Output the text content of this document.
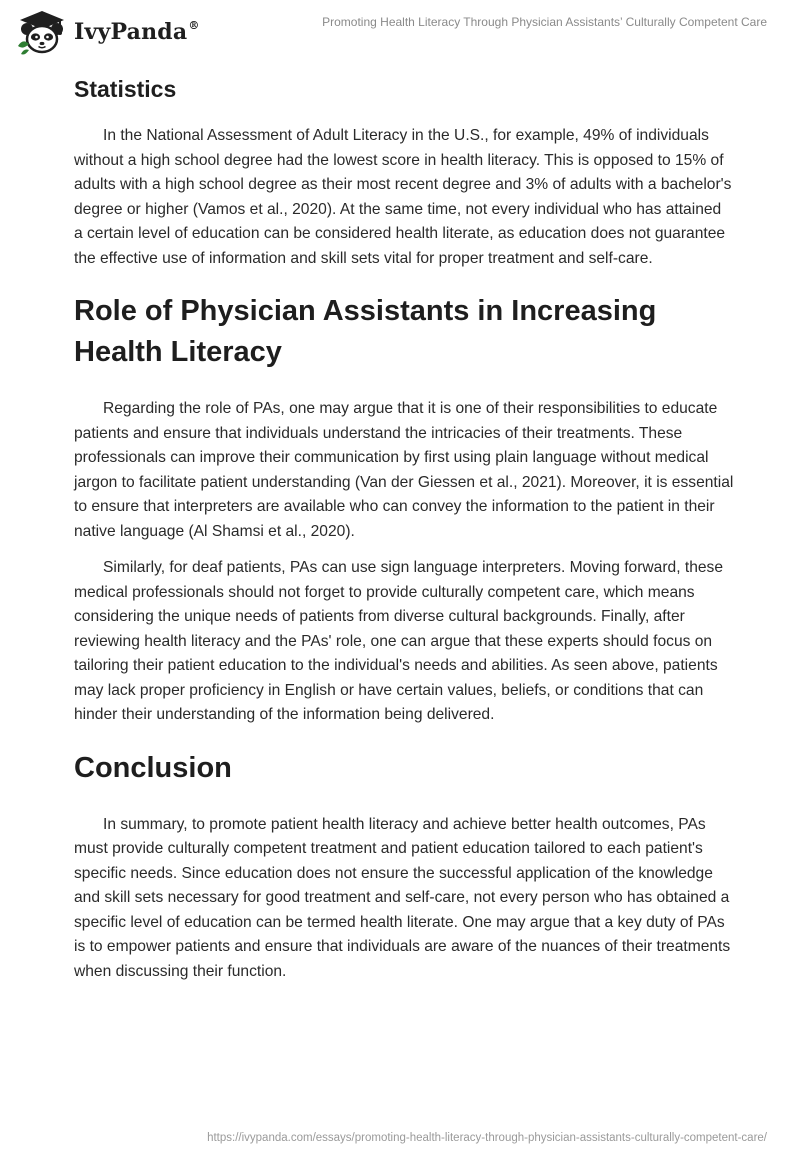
IvyPanda®	Promoting Health Literacy Through Physician Assistants’ Culturally Competent Care
Statistics

In the National Assessment of Adult Literacy in the U.S., for example, 49% of individuals without a high school degree had the lowest score in health literacy. This is opposed to 15% of adults with a high school degree as their most recent degree and 3% of adults with a bachelor's degree or higher (Vamos et al., 2020). At the same time, not every individual who has attained a certain level of education can be considered health literate, as education does not guarantee the effective use of information and skill sets vital for proper treatment and self-care.

Role of Physician Assistants in Increasing Health Literacy

Regarding the role of PAs, one may argue that it is one of their responsibilities to educate patients and ensure that individuals understand the intricacies of their treatments. These professionals can improve their communication by first using plain language without medical jargon to facilitate patient understanding (Van der Giessen et al., 2021). Moreover, it is essential to ensure that interpreters are available who can convey the information to the patient in their native language (Al Shamsi et al., 2020).

Similarly, for deaf patients, PAs can use sign language interpreters. Moving forward, these medical professionals should not forget to provide culturally competent care, which means considering the unique needs of patients from diverse cultural backgrounds. Finally, after reviewing health literacy and the PAs' role, one can argue that these experts should focus on tailoring their patient education to the individual's needs and abilities. As seen above, patients may lack proper proficiency in English or have certain values, beliefs, or conditions that can hinder their understanding of the information being delivered.

Conclusion

In summary, to promote patient health literacy and achieve better health outcomes, PAs must provide culturally competent treatment and patient education tailored to each patient's specific needs. Since education does not ensure the successful application of the knowledge and skill sets necessary for good treatment and self-care, not every person who has obtained a specific level of education can be termed health literate. One may argue that a key duty of PAs is to empower patients and ensure that individuals are aware of the nuances of their treatments when discussing their function.

https://ivypanda.com/essays/promoting-health-literacy-through-physician-assistants-culturally-competent-care/
